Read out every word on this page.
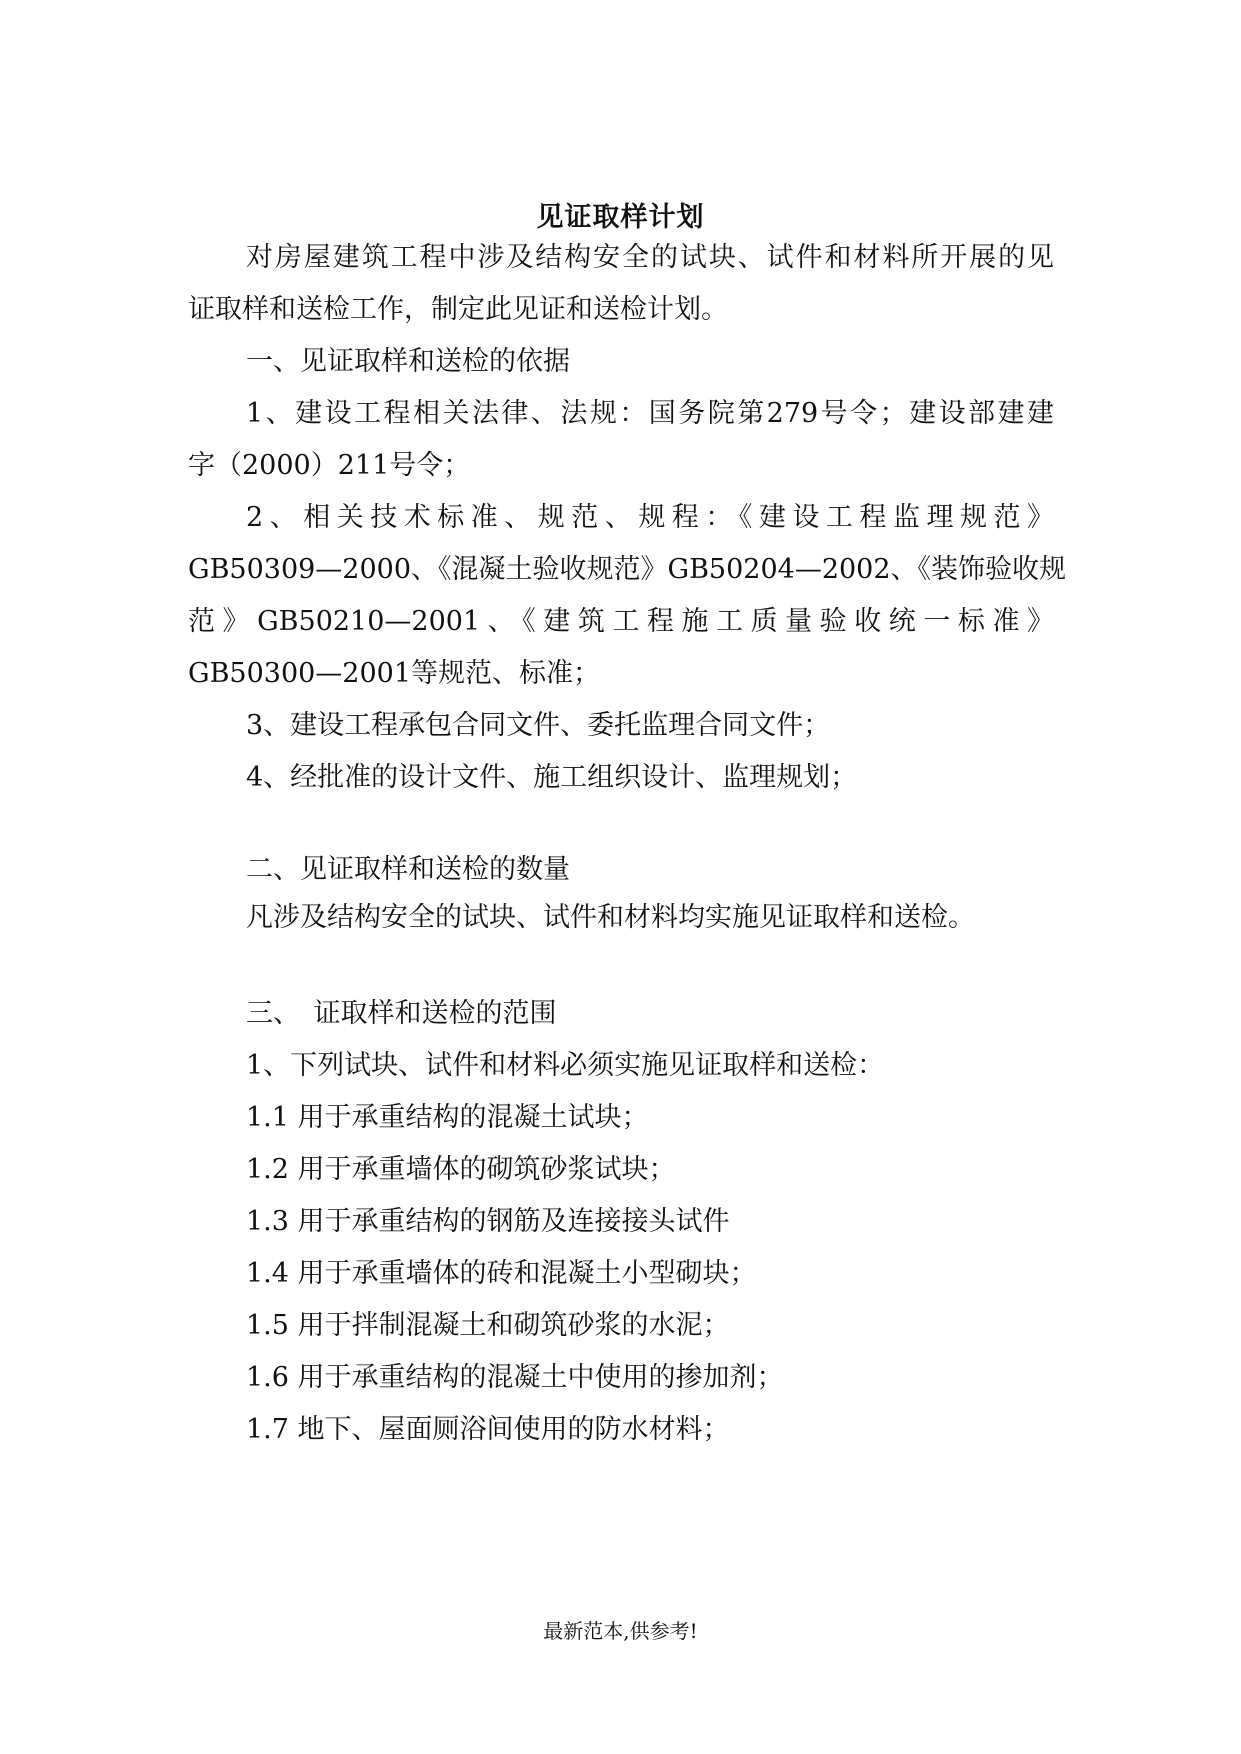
见证取样计划
对房屋建筑工程中涉及结构安全的试块、试件和材料所开展的见
证取样和送检工作，制定此见证和送检计划。
一、见证取样和送检的依据
1、建设工程相关法律、法规：国务院第279号令；建设部建建
字（2000）211号令；
2、相关技术标准、规范、规程：《建设工程监理规范》
GB50309—2000、《混凝土验收规范》GB50204—2002、《装饰验收规
范》GB50210—2001、《建筑工程施工质量验收统一标准》
GB50300—2001等规范、标准；
3、建设工程承包合同文件、委托监理合同文件；
4、经批准的设计文件、施工组织设计、监理规划；
二、见证取样和送检的数量
凡涉及结构安全的试块、试件和材料均实施见证取样和送检。
三、　证取样和送检的范围
1、下列试块、试件和材料必须实施见证取样和送检：
1.1 用于承重结构的混凝土试块；
1.2 用于承重墙体的砌筑砂浆试块；
1.3 用于承重结构的钢筋及连接接头试件
1.4 用于承重墙体的砖和混凝土小型砌块；
1.5 用于拌制混凝土和砌筑砂浆的水泥；
1.6 用于承重结构的混凝土中使用的掺加剂；
1.7 地下、屋面厕浴间使用的防水材料；
最新范本,供参考!
